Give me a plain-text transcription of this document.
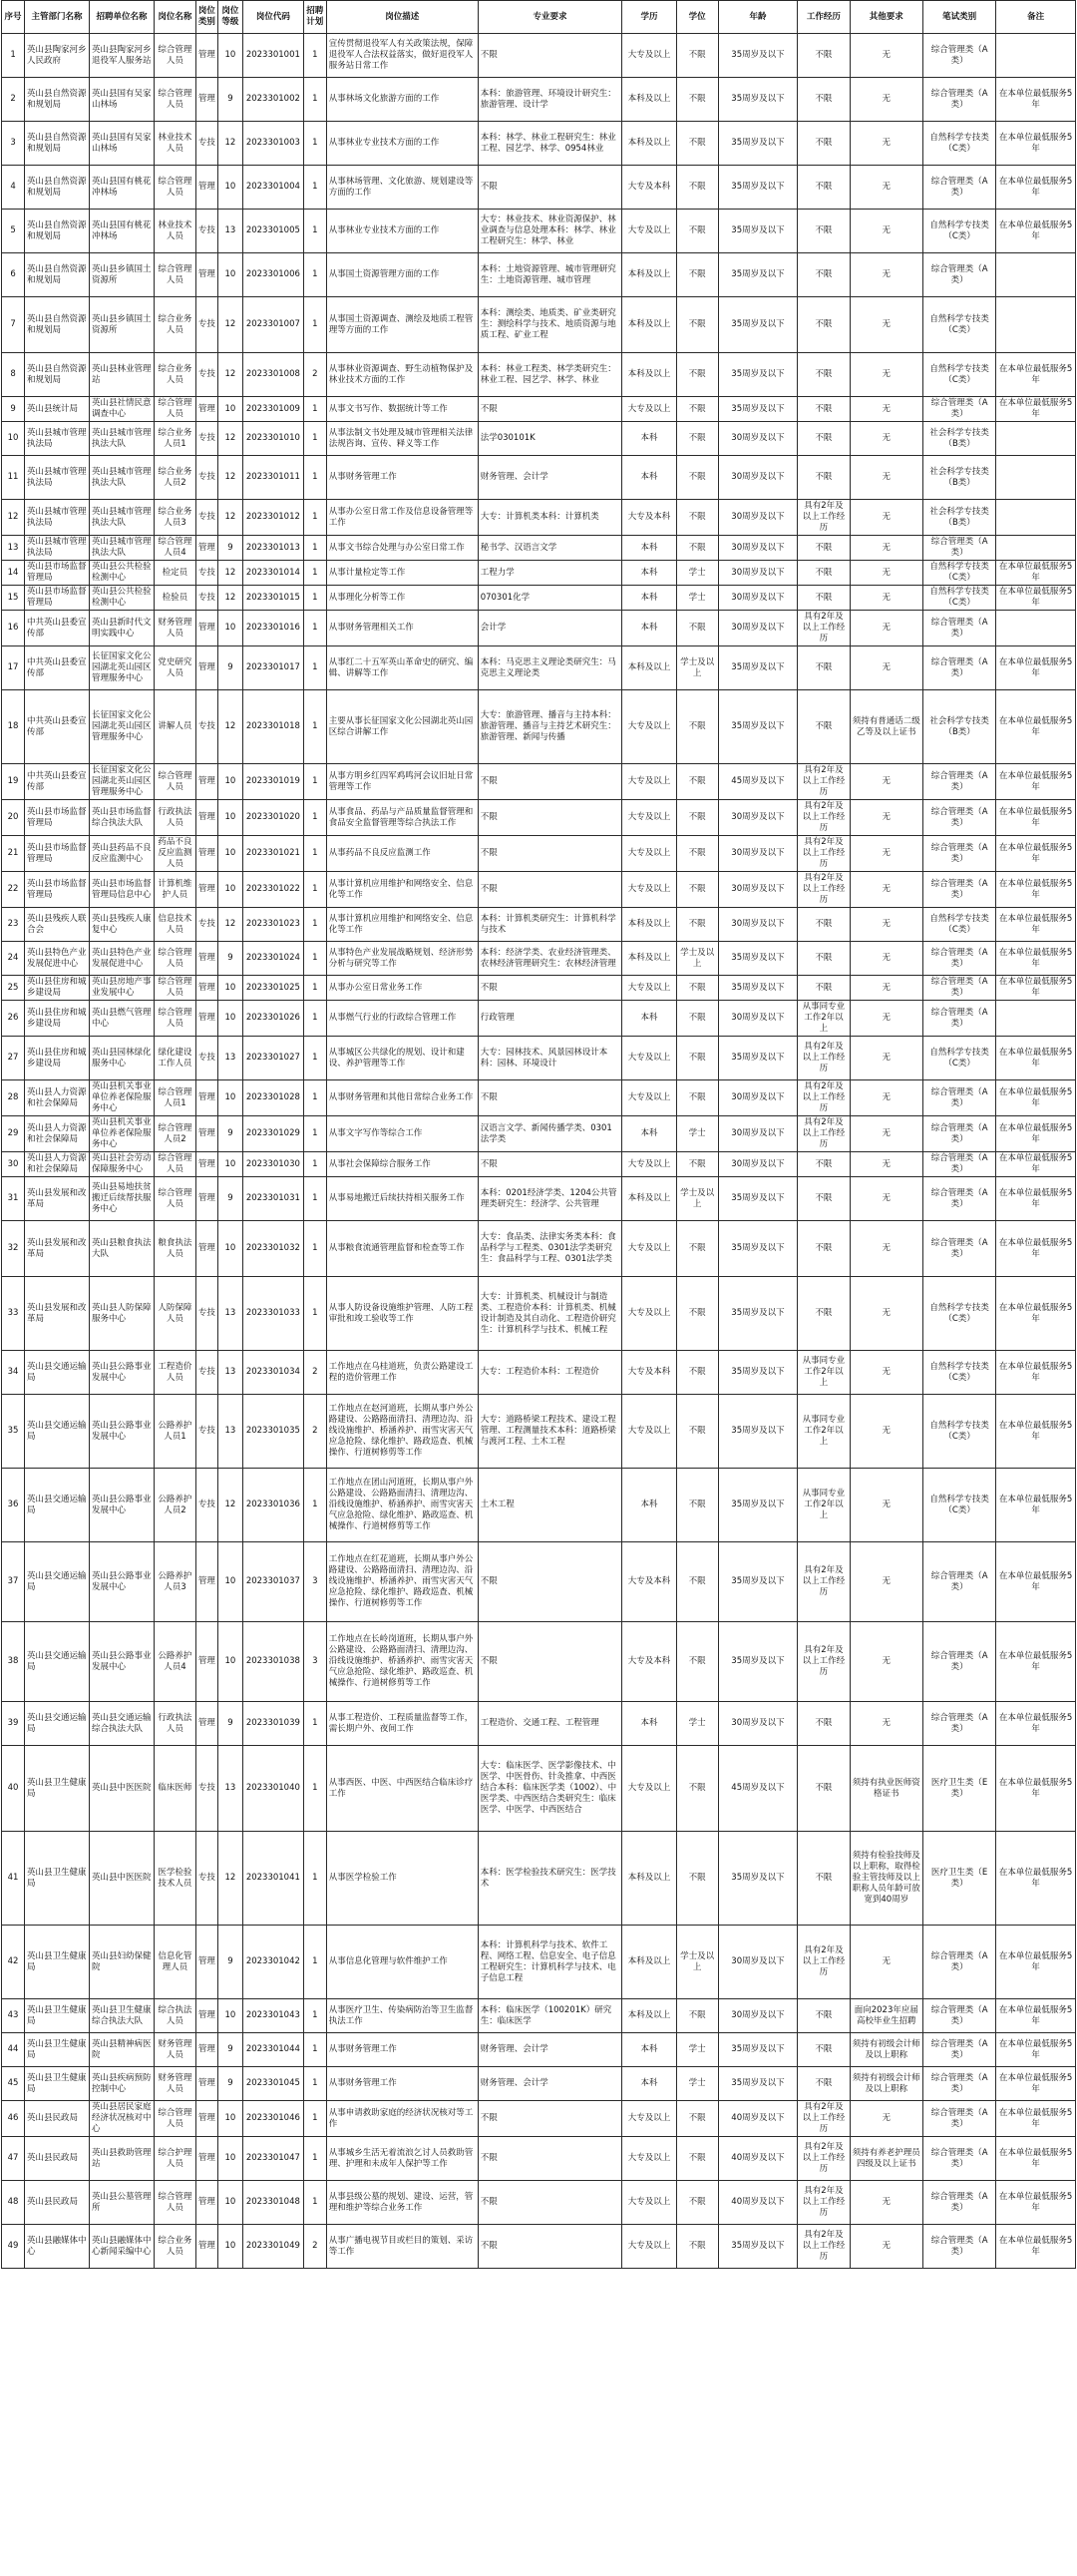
序号	主管部门名称	招聘单位名称	岗位名称	岗位类别	岗位等级	岗位代码	招聘计划	岗位描述	专业要求	学历	学位	年龄	工作经历	其他要求	笔试类别	备注
1	英山县陶家河乡人民政府	英山县陶家河乡退役军人服务站	综合管理人员	管理	10	2023301001	1	宣传贯彻退役军人有关政策法规，保障退役军人合法权益落实，做好退役军人服务站日常工作	不限	大专及以上	不限	35周岁及以下	不限	无	综合管理类（A类）	
2	英山县自然资源和规划局	英山县国有吴家山林场	综合管理人员	管理	9	2023301002	1	从事林场文化旅游方面的工作	本科：旅游管理、环境设计研究生：旅游管理、设计学	本科及以上	不限	35周岁及以下	不限	无	综合管理类（A类）	在本单位最低服务5年
3	英山县自然资源和规划局	英山县国有吴家山林场	林业技术人员	专技	12	2023301003	1	从事林业专业技术方面的工作	本科：林学、林业工程研究生：林业工程、园艺学、林学、0954林业	本科及以上	不限	35周岁及以下	不限	无	自然科学专技类（C类）	在本单位最低服务5年
4	英山县自然资源和规划局	英山县国有桃花冲林场	综合管理人员	管理	10	2023301004	1	从事林场管理、文化旅游、规划建设等方面的工作	不限	大专及本科	不限	35周岁及以下	不限	无	综合管理类（A类）	在本单位最低服务5年
5	英山县自然资源和规划局	英山县国有桃花冲林场	林业技术人员	专技	13	2023301005	1	从事林业专业技术方面的工作	大专：林业技术、林业资源保护、林业调查与信息处理本科：林学、林业工程研究生：林学、林业	大专及以上	不限	35周岁及以下	不限	无	自然科学专技类（C类）	在本单位最低服务5年
6	英山县自然资源和规划局	英山县乡镇国土资源所	综合管理人员	管理	10	2023301006	1	从事国土资源管理方面的工作	本科：土地资源管理、城市管理研究生：土地资源管理、城市管理	本科及以上	不限	35周岁及以下	不限	无	综合管理类（A类）	
7	英山县自然资源和规划局	英山县乡镇国土资源所	综合业务人员	专技	12	2023301007	1	从事国土资源调查、测绘及地质工程管理等方面的工作	本科：测绘类、地质类、矿业类研究生：测绘科学与技术、地质资源与地质工程、矿业工程	本科及以上	不限	35周岁及以下	不限	无	自然科学专技类（C类）	
8	英山县自然资源和规划局	英山县林业管理站	综合业务人员	专技	12	2023301008	2	从事林业资源调查、野生动植物保护及林业技术方面的工作	本科：林业工程类、林学类研究生：林业工程、园艺学、林学、林业	本科及以上	不限	35周岁及以下	不限	无	自然科学专技类（C类）	在本单位最低服务5年
9	英山县统计局	英山县社情民意调查中心	综合管理人员	管理	10	2023301009	1	从事文书写作、数据统计等工作	不限	大专及以上	不限	35周岁及以下	不限	无	综合管理类（A类）	在本单位最低服务5年
10	英山县城市管理执法局	英山县城市管理执法大队	综合业务人员1	专技	12	2023301010	1	从事法制文书处理及城市管理相关法律法规咨询、宣传、释义等工作	法学030101K	本科	不限	30周岁及以下	不限	无	社会科学专技类（B类）	
11	英山县城市管理执法局	英山县城市管理执法大队	综合业务人员2	专技	12	2023301011	1	从事财务管理工作	财务管理、会计学	本科	不限	30周岁及以下	不限	无	社会科学专技类（B类）	
12	英山县城市管理执法局	英山县城市管理执法大队	综合业务人员3	专技	12	2023301012	1	从事办公室日常工作及信息设备管理等工作	大专：计算机类本科：计算机类	大专及本科	不限	30周岁及以下	具有2年及以上工作经历	无	社会科学专技类（B类）	
13	英山县城市管理执法局	英山县城市管理执法大队	综合管理人员4	管理	9	2023301013	1	从事文书综合处理与办公室日常工作	秘书学、汉语言文学	本科	不限	30周岁及以下	不限	无	综合管理类（A类）	
14	英山县市场监督管理局	英山县公共检验检测中心	检定员	专技	12	2023301014	1	从事计量检定等工作	工程力学	本科	学士	30周岁及以下	不限	无	自然科学专技类（C类）	在本单位最低服务5年
15	英山县市场监督管理局	英山县公共检验检测中心	检验员	专技	12	2023301015	1	从事理化分析等工作	070301化学	本科	学士	30周岁及以下	不限	无	自然科学专技类（C类）	在本单位最低服务5年
16	中共英山县委宣传部	英山县新时代文明实践中心	财务管理人员	管理	10	2023301016	1	从事财务管理相关工作	会计学	本科	不限	30周岁及以下	具有2年及以上工作经历	无	综合管理类（A类）	
17	中共英山县委宣传部	长征国家文化公园湖北英山园区管理服务中心	党史研究人员	管理	9	2023301017	1	从事红二十五军英山革命史的研究、编辑、讲解等工作	本科：马克思主义理论类研究生：马克思主义理论类	本科及以上	学士及以上	35周岁及以下	不限	无	综合管理类（A类）	在本单位最低服务5年
18	中共英山县委宣传部	长征国家文化公园湖北英山园区管理服务中心	讲解人员	专技	12	2023301018	1	主要从事长征国家文化公园湖北英山园区综合讲解工作	大专：旅游管理、播音与主持本科：旅游管理、播音与主持艺术研究生：旅游管理、新闻与传播	大专及以上	不限	35周岁及以下	不限	须持有普通话二级乙等及以上证书	社会科学专技类（B类）	在本单位最低服务5年
19	中共英山县委宣传部	长征国家文化公园湖北英山园区管理服务中心	综合管理人员	管理	10	2023301019	1	从事方明乡红四军鸡鸣河会议旧址日常管理等工作	不限	大专及以上	不限	45周岁及以下	具有2年及以上工作经历	无	综合管理类（A类）	在本单位最低服务5年
20	英山县市场监督管理局	英山县市场监督综合执法大队	行政执法人员	管理	10	2023301020	1	从事食品、药品与产品质量监督管理和食品安全监督管理等综合执法工作	不限	大专及以上	不限	30周岁及以下	具有2年及以上工作经历	无	综合管理类（A类）	在本单位最低服务5年
21	英山县市场监督管理局	英山县药品不良反应监测中心	药品不良反应监测人员	管理	10	2023301021	1	从事药品不良反应监测工作	不限	大专及以上	不限	30周岁及以下	具有2年及以上工作经历	无	综合管理类（A类）	在本单位最低服务5年
22	英山县市场监督管理局	英山县市场监督管理局信息中心	计算机维护人员	管理	10	2023301022	1	从事计算机应用维护和网络安全、信息化等工作	不限	大专及以上	不限	30周岁及以下	具有2年及以上工作经历	无	综合管理类（A类）	在本单位最低服务5年
23	英山县残疾人联合会	英山县残疾人康复中心	信息技术人员	专技	12	2023301023	1	从事计算机应用维护和网络安全、信息化等工作	本科：计算机类研究生：计算机科学与技术	本科及以上	不限	30周岁及以下	不限	无	自然科学专技类（C类）	在本单位最低服务5年
24	英山县特色产业发展促进中心	英山县特色产业发展促进中心	综合管理人员	管理	9	2023301024	1	从事特色产业发展战略规划、经济形势分析与研究等工作	本科：经济学类、农业经济管理类、农林经济管理研究生：农林经济管理	本科及以上	学士及以上	35周岁及以下	不限	无	综合管理类（A类）	在本单位最低服务5年
25	英山县住房和城乡建设局	英山县房地产事业发展中心	综合管理人员	管理	10	2023301025	1	从事办公室日常业务工作	不限	大专及以上	不限	35周岁及以下	不限	无	综合管理类（A类）	在本单位最低服务5年
26	英山县住房和城乡建设局	英山县燃气管理中心	综合管理人员	管理	10	2023301026	1	从事燃气行业的行政综合管理工作	行政管理	本科	不限	30周岁及以下	从事同专业工作2年以上	无	综合管理类（A类）	
27	英山县住房和城乡建设局	英山县园林绿化服务中心	绿化建设工作人员	专技	13	2023301027	1	从事城区公共绿化的规划、设计和建设、养护管理等工作	大专：园林技术、风景园林设计本科：园林、环境设计	大专及以上	不限	35周岁及以下	具有2年及以上工作经历	无	自然科学专技类（C类）	在本单位最低服务5年
28	英山县人力资源和社会保障局	英山县机关事业单位养老保险服务中心	综合管理人员1	管理	10	2023301028	1	从事财务管理和其他日常综合业务工作	不限	大专及以上	不限	30周岁及以下	具有2年及以上工作经历	无	综合管理类（A类）	在本单位最低服务5年
29	英山县人力资源和社会保障局	英山县机关事业单位养老保险服务中心	综合管理人员2	管理	9	2023301029	1	从事文字写作等综合工作	汉语言文学、新闻传播学类、0301法学类	本科	学士	30周岁及以下	具有2年及以上工作经历	无	综合管理类（A类）	在本单位最低服务5年
30	英山县人力资源和社会保障局	英山县社会劳动保障服务中心	综合管理人员	管理	10	2023301030	1	从事社会保障综合服务工作	不限	大专及以上	不限	30周岁及以下	不限	无	综合管理类（A类）	在本单位最低服务5年
31	英山县发展和改革局	英山县易地扶贫搬迁后续帮扶服务中心	综合管理人员	管理	9	2023301031	1	从事易地搬迁后续扶持相关服务工作	本科：0201经济学类、1204公共管理类研究生：经济学、公共管理	本科及以上	学士及以上	35周岁及以下	不限	无	综合管理类（A类）	在本单位最低服务5年
32	英山县发展和改革局	英山县粮食执法大队	粮食执法人员	管理	10	2023301032	1	从事粮食流通管理监督和检查等工作	大专：食品类、法律实务类本科：食品科学与工程类、0301法学类研究生：食品科学与工程、0301法学类	大专及以上	不限	35周岁及以下	不限	无	综合管理类（A类）	在本单位最低服务5年
33	英山县发展和改革局	英山县人防保障服务中心	人防保障人员	专技	13	2023301033	1	从事人防设备设施维护管理、人防工程审批和竣工验收等工作	大专：计算机类、机械设计与制造类、工程造价本科：计算机类、机械设计制造及其自动化、工程造价研究生：计算机科学与技术、机械工程	大专及以上	不限	35周岁及以下	不限	无	自然科学专技类（C类）	在本单位最低服务5年
34	英山县交通运输局	英山县公路事业发展中心	工程造价人员	专技	13	2023301034	2	工作地点在乌桂道班，负责公路建设工程的造价管理工作	大专：工程造价本科：工程造价	大专及本科	不限	35周岁及以下	从事同专业工作2年以上	无	自然科学专技类（C类）	在本单位最低服务5年
35	英山县交通运输局	英山县公路事业发展中心	公路养护人员1	专技	13	2023301035	2	工作地点在赵河道班，长期从事户外公路建设、公路路面清扫、清理边沟、沿线设施维护、桥涵养护、雨雪灾害天气应急抢险、绿化维护、路政巡查、机械操作、行道树修剪等工作	大专：道路桥梁工程技术、建设工程管理、工程测量技术本科：道路桥梁与渡河工程、土木工程	大专及以上	不限	35周岁及以下	从事同专业工作2年以上	无	自然科学专技类（C类）	在本单位最低服务5年
36	英山县交通运输局	英山县公路事业发展中心	公路养护人员2	专技	12	2023301036	1	工作地点在团山河道班，长期从事户外公路建设、公路路面清扫、清理边沟、沿线设施维护、桥涵养护、雨雪灾害天气应急抢险、绿化维护、路政巡查、机械操作、行道树修剪等工作	土木工程	本科	不限	35周岁及以下	从事同专业工作2年以上	无	自然科学专技类（C类）	在本单位最低服务5年
37	英山县交通运输局	英山县公路事业发展中心	公路养护人员3	管理	10	2023301037	3	工作地点在红花道班，长期从事户外公路建设、公路路面清扫、清理边沟、沿线设施维护、桥涵养护、雨雪灾害天气应急抢险、绿化维护、路政巡查、机械操作、行道树修剪等工作	不限	大专及本科	不限	35周岁及以下	具有2年及以上工作经历	无	综合管理类（A类）	在本单位最低服务5年
38	英山县交通运输局	英山县公路事业发展中心	公路养护人员4	管理	10	2023301038	3	工作地点在长岭岗道班，长期从事户外公路建设、公路路面清扫、清理边沟、沿线设施维护、桥涵养护、雨雪灾害天气应急抢险、绿化维护、路政巡查、机械操作、行道树修剪等工作	不限	大专及本科	不限	35周岁及以下	具有2年及以上工作经历	无	综合管理类（A类）	在本单位最低服务5年
39	英山县交通运输局	英山县交通运输综合执法大队	行政执法人员	管理	9	2023301039	1	从事工程造价、工程质量监督等工作，需长期户外、夜间工作	工程造价、交通工程、工程管理	本科	学士	30周岁及以下	不限	无	综合管理类（A类）	在本单位最低服务5年
40	英山县卫生健康局	英山县中医医院	临床医师	专技	13	2023301040	1	从事西医、中医、中西医结合临床诊疗工作	大专：临床医学、医学影像技术、中医学、中医骨伤、针灸推拿、中西医结合本科：临床医学类（1002）、中医学类、中西医结合类研究生：临床医学、中医学、中西医结合	大专及以上	不限	45周岁及以下	不限	须持有执业医师资格证书	医疗卫生类（E类）	在本单位最低服务5年
41	英山县卫生健康局	英山县中医医院	医学检验技术人员	专技	12	2023301041	1	从事医学检验工作	本科：医学检验技术研究生：医学技术	本科及以上	不限	35周岁及以下	不限	须持有检验技师及以上职称，取得检验主管技师及以上职称人员年龄可放宽到40周岁	医疗卫生类（E类）	在本单位最低服务5年
42	英山县卫生健康局	英山县妇幼保健院	信息化管理人员	管理	9	2023301042	1	从事信息化管理与软件维护工作	本科：计算机科学与技术、软件工程、网络工程、信息安全、电子信息工程研究生：计算机科学与技术、电子信息工程	本科及以上	学士及以上	30周岁及以下	具有2年及以上工作经历	无	综合管理类（A类）	在本单位最低服务5年
43	英山县卫生健康局	英山县卫生健康综合执法大队	综合执法人员	管理	10	2023301043	1	从事医疗卫生、传染病防治等卫生监督执法工作	本科：临床医学（100201K）研究生：临床医学	本科及以上	不限	30周岁及以下	不限	面向2023年应届高校毕业生招聘	综合管理类（A类）	在本单位最低服务5年
44	英山县卫生健康局	英山县精神病医院	财务管理人员	管理	9	2023301044	1	从事财务管理工作	财务管理、会计学	本科	学士	35周岁及以下	不限	须持有初级会计师及以上职称	综合管理类（A类）	在本单位最低服务5年
45	英山县卫生健康局	英山县疾病预防控制中心	财务管理人员	管理	9	2023301045	1	从事财务管理工作	财务管理、会计学	本科	学士	35周岁及以下	不限	须持有初级会计师及以上职称	综合管理类（A类）	在本单位最低服务5年
46	英山县民政局	英山县居民家庭经济状况核对中心	综合管理人员	管理	10	2023301046	1	从事申请救助家庭的经济状况核对等工作	不限	大专及以上	不限	40周岁及以下	具有2年及以上工作经历	无	综合管理类（A类）	在本单位最低服务5年
47	英山县民政局	英山县救助管理站	综合护理人员	管理	10	2023301047	1	从事城乡生活无着流浪乞讨人员救助管理、护理和未成年人保护等工作	不限	大专及以上	不限	40周岁及以下	具有2年及以上工作经历	须持有养老护理员四级及以上证书	综合管理类（A类）	在本单位最低服务5年
48	英山县民政局	英山县公墓管理所	综合管理人员	管理	10	2023301048	1	从事县级公墓的规划、建设、运营，管理和维护等综合业务工作	不限	大专及以上	不限	40周岁及以下	具有2年及以上工作经历	无	综合管理类（A类）	在本单位最低服务5年
49	英山县融媒体中心	英山县融媒体中心新闻采编中心	综合业务人员	管理	10	2023301049	2	从事广播电视节目或栏目的策划、采访等工作	不限	大专及以上	不限	35周岁及以下	具有2年及以上工作经历	无	综合管理类（A类）	在本单位最低服务5年
